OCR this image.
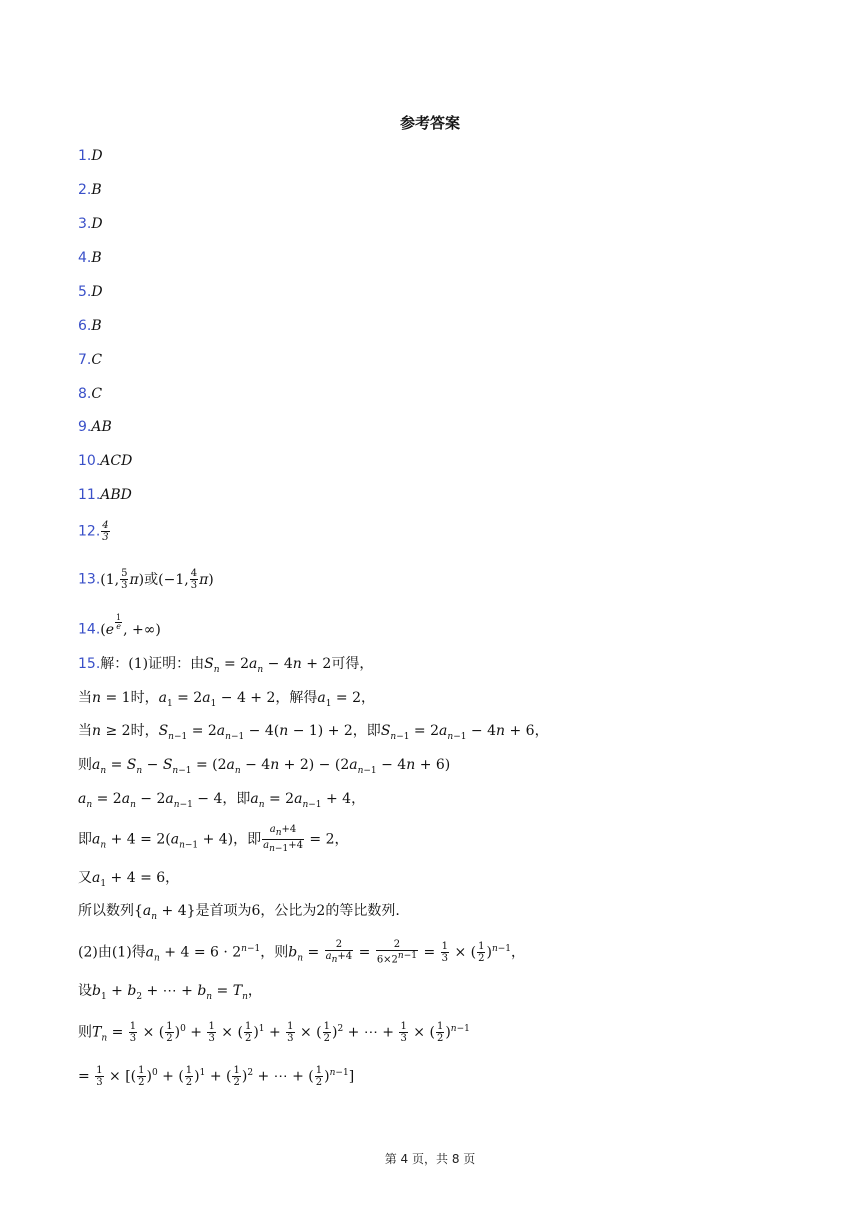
参考答案
1.D
2.B
3.D
4.B
5.D
6.B
7.C
8.C
9.AB
10.ACD
11.ABD
12. $\frac{4}{3}$
13.(1, $\frac{5}{3} \pi$)或(−1, $\frac{4}{3} \pi$)
14.(e $^{\frac{1}{e}}$ , +∞)
15.解：(1)证明：由$S_n = 2a_n - 4n + 2$可得，
当n = 1时，$a_1 = 2a_1 - 4 + 2$，解得$a_1 = 2$，
当n ≥ 2时，$S_{n-1} = 2a_{n-1} - 4(n - 1) + 2$，即$S_{n-1} = 2a_{n-1} - 4n + 6$，
则$a_n = S_n - S_{n-1} = (2a_n - 4n + 2) - (2a_{n-1} - 4n + 6)$
$a_n = 2a_n - 2a_{n-1} - 4$，即$a_n = 2a_{n-1} + 4$，
即$a_n + 4 = 2(a_{n-1} + 4)$，即 $\frac{a_n+4}{a_{n-1}+4} = 2$，
又$a_1 + 4 = 6$，
所以数列$\{a_n + 4\}$是首项为6，公比为2的等比数列.
(2)由(1)得$a_n + 4 = 6 \cdot 2^{n-1}$，则$b_n = \frac{2}{a_n+4} = \frac{2}{6\times 2^{n-1}} = \frac{1}{3}$ × ( $\frac{1}{2} )^{n-1}$，
设$b_1 + b_2$ + ⋯ + $b_n = T_n$，
则$T_n = \frac{1}{3}$ × ( $\frac{1}{2} )^0 + \frac{1}{3}$ × ( $\frac{1}{2} )^1 + \frac{1}{3}$ × ( $\frac{1}{2} )^2$ + ⋯ + $\frac{1}{3}$ × ( $\frac{1}{2} )^{n-1}$
= $\frac{1}{3}$ × [( $\frac{1}{2} )^0$ + ( $\frac{1}{2} )^1$ + ( $\frac{1}{2} )^2$ + ⋯ + ( $\frac{1}{2} )^{n-1}$]
第 4 页，共 8 页
